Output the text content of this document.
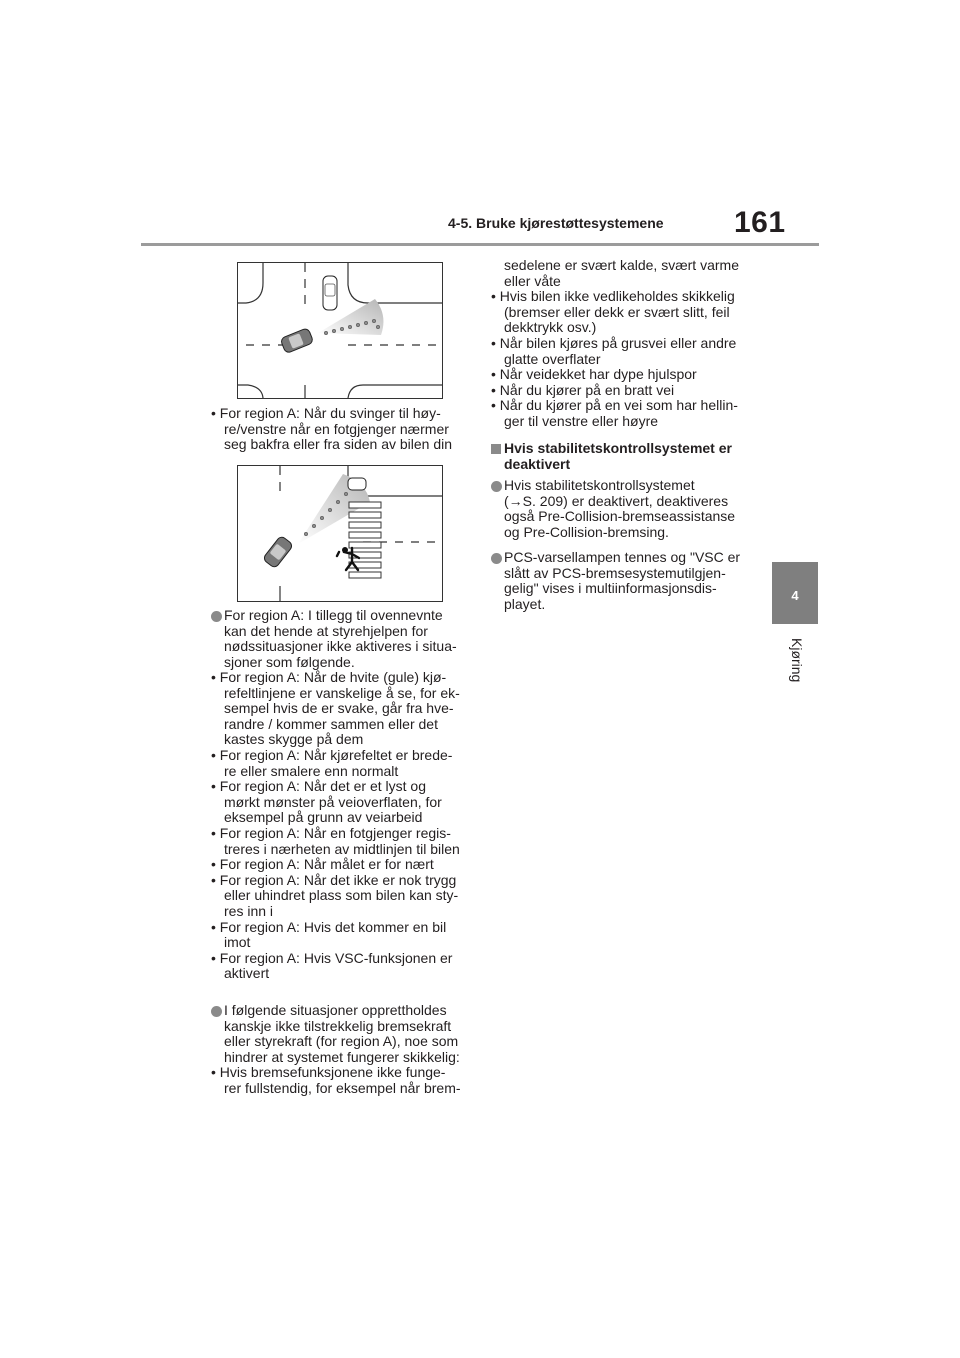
4-5. Bruke kjørestøttesystemene 161
4
Kjøring
• For region A: Når du svinger til høy-
re/venstre når en fotgjenger nærmer
seg bakfra eller fra siden av bilen din
For region A: I tillegg til ovennevnte
kan det hende at styrehjelpen for
nødssituasjoner ikke aktiveres i situa-
sjoner som følgende.
• For region A: Når de hvite (gule) kjø-
refeltlinjene er vanskelige å se, for ek-
sempel hvis de er svake, går fra hve-
randre / kommer sammen eller det
kastes skygge på dem
• For region A: Når kjørefeltet er brede-
re eller smalere enn normalt
• For region A: Når det er et lyst og
mørkt mønster på veioverflaten, for
eksempel på grunn av veiarbeid
• For region A: Når en fotgjenger regis-
treres i nærheten av midtlinjen til bilen
• For region A: Når målet er for nært
• For region A: Når det ikke er nok trygg
eller uhindret plass som bilen kan sty-
res inn i
• For region A: Hvis det kommer en bil
imot
• For region A: Hvis VSC-funksjonen er
aktivert
I følgende situasjoner opprettholdes
kanskje ikke tilstrekkelig bremsekraft
eller styrekraft (for region A), noe som
hindrer at systemet fungerer skikkelig:
• Hvis bremsefunksjonene ikke funge-
rer fullstendig, for eksempel når brem-
sedelene er svært kalde, svært varme
eller våte
• Hvis bilen ikke vedlikeholdes skikkelig
(bremser eller dekk er svært slitt, feil
dekktrykk osv.)
• Når bilen kjøres på grusvei eller andre
glatte overflater
• Når veidekket har dype hjulspor
• Når du kjører på en bratt vei
• Når du kjører på en vei som har hellin-
ger til venstre eller høyre
Hvis stabilitetskontrollsystemet er
deaktivert
Hvis stabilitetskontrollsystemet
(→S. 209) er deaktivert, deaktiveres
også Pre-Collision-bremseassistanse
og Pre-Collision-bremsing.
PCS-varsellampen tennes og "VSC er
slått av PCS-bremsesystemutilgjen-
gelig" vises i multiinformasjonsdis-
playet.
